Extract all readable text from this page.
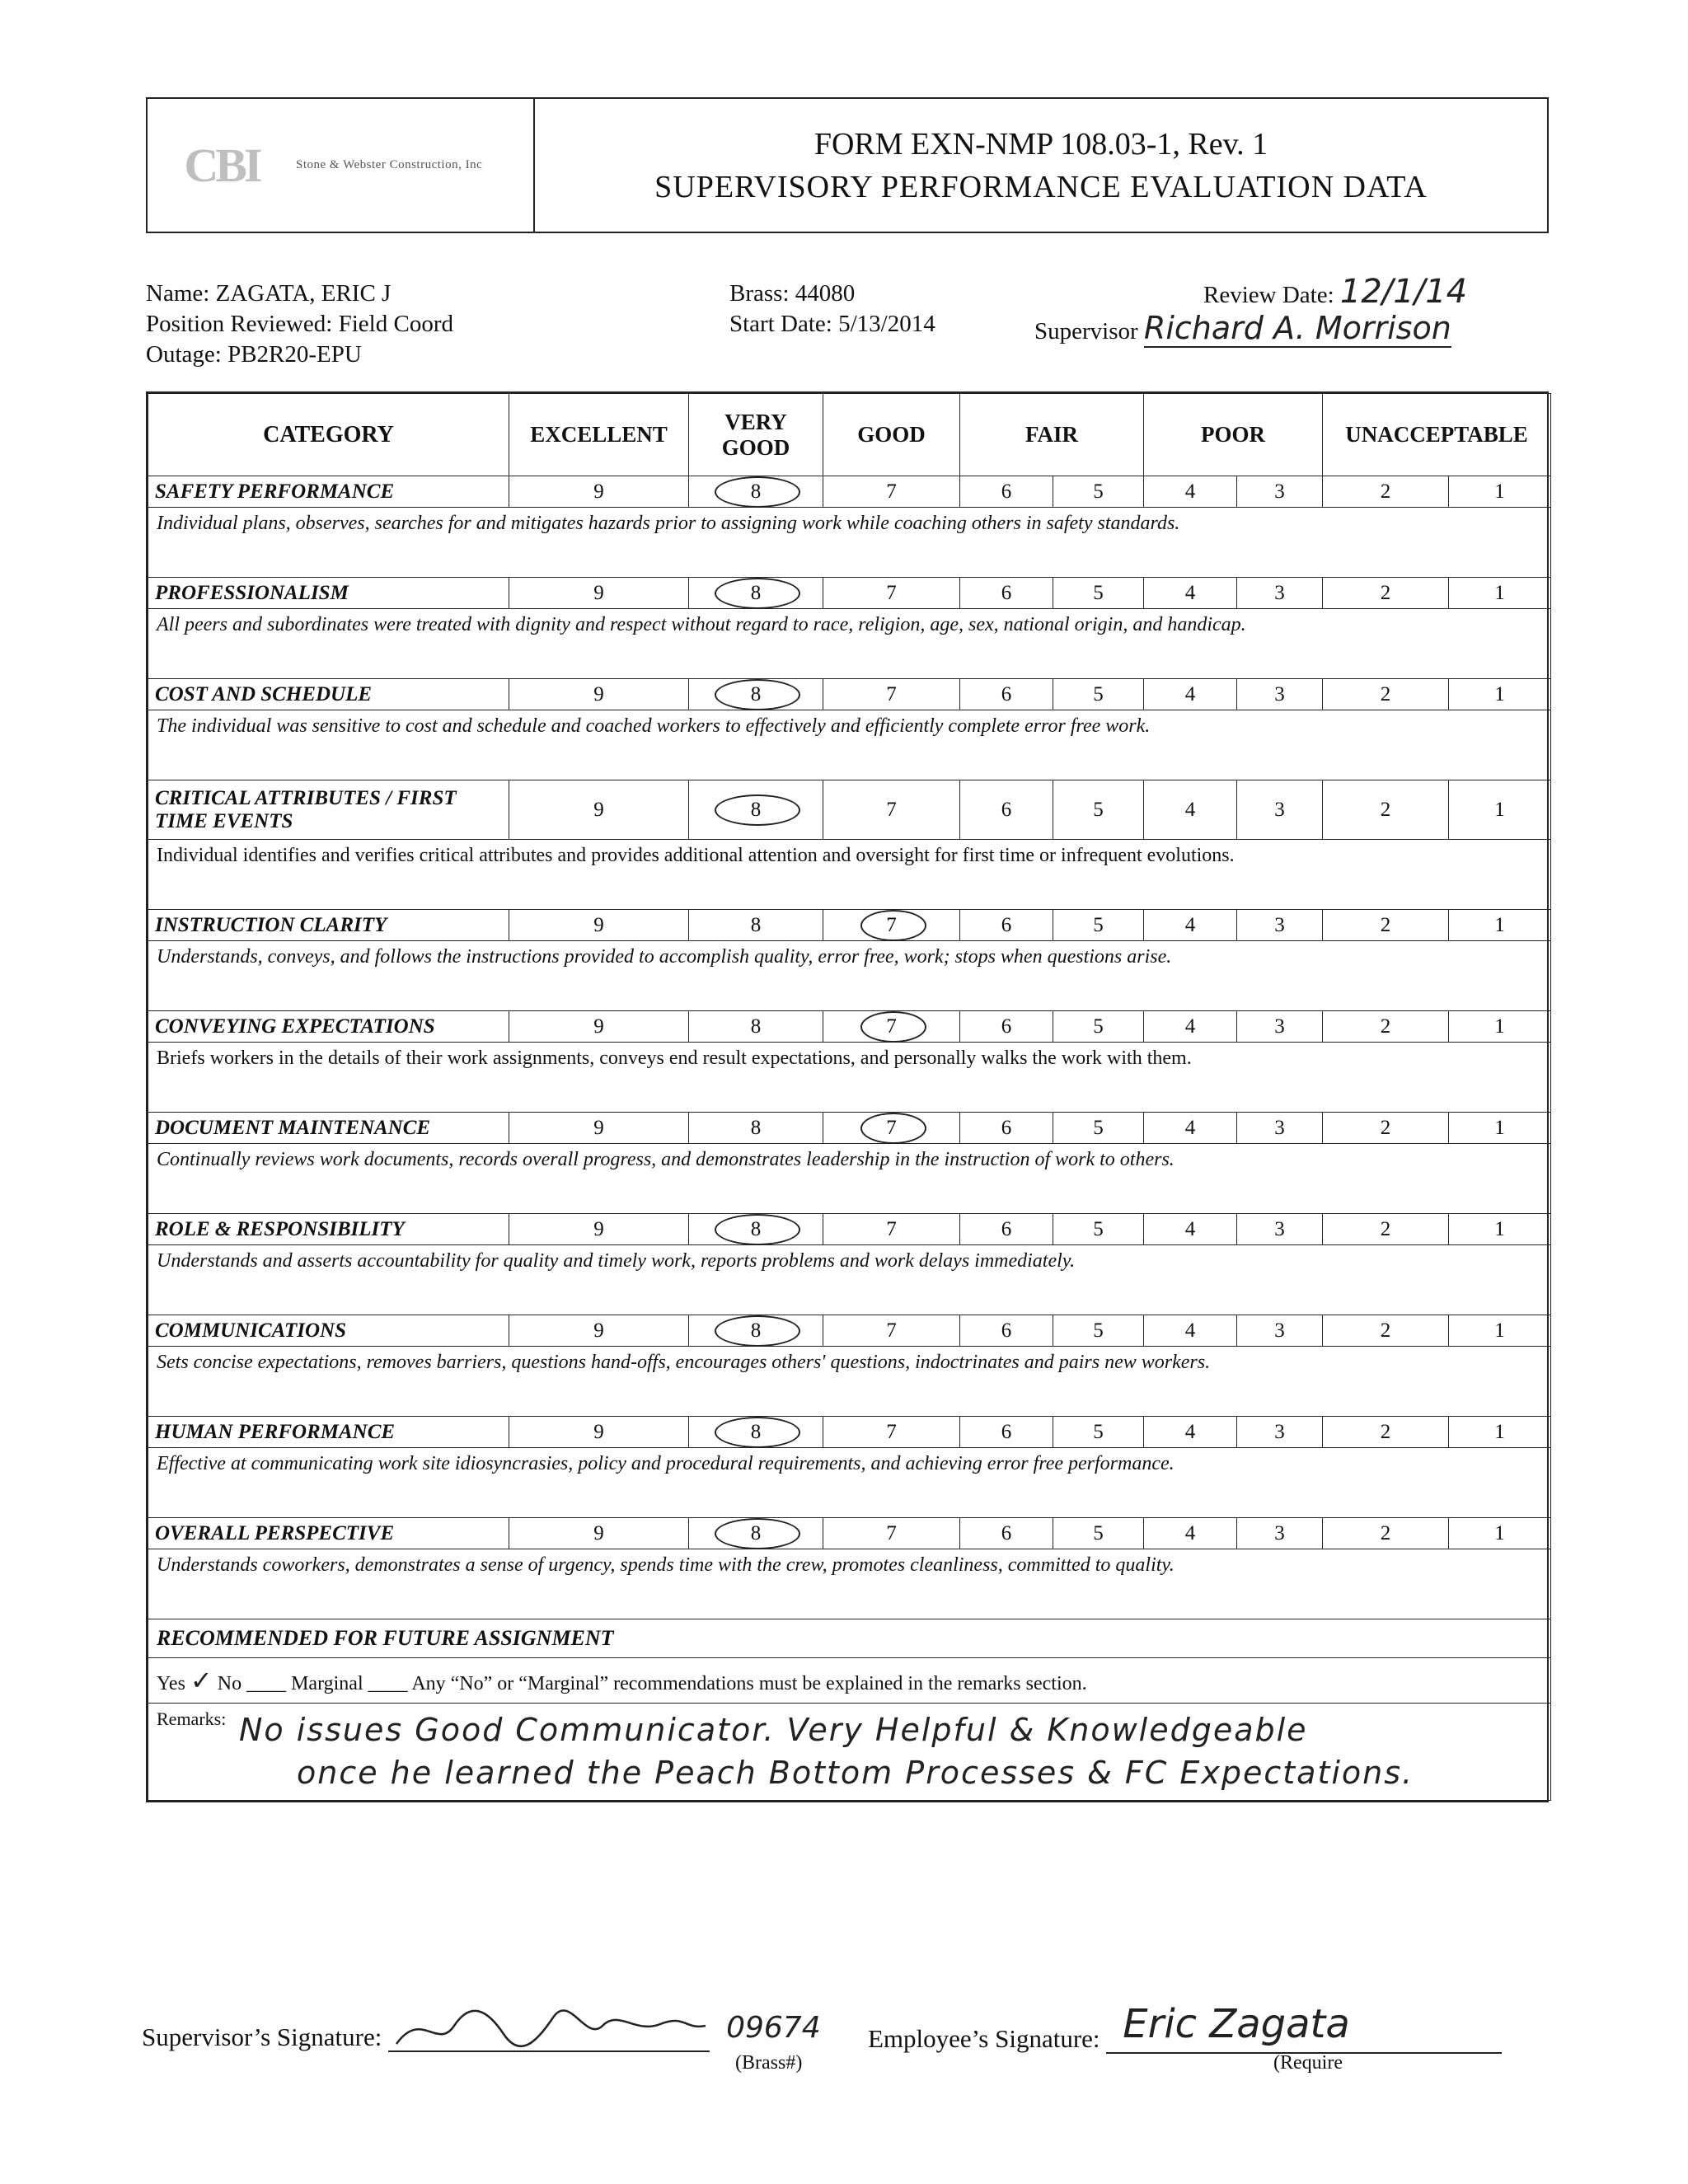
CBI	Stone & Webster Construction, Inc
FORM EXN-NMP 108.03-1, Rev. 1
SUPERVISORY PERFORMANCE EVALUATION DATA
Name: ZAGATA, ERIC J
Position Reviewed: Field Coord
Outage: PB2R20-EPU
Brass: 44080
Start Date: 5/13/2014
Review Date: 12/1/14
Supervisor Richard A. Morrison
CATEGORY	EXCELLENT	VERY GOOD	GOOD	FAIR		POOR		UNACCEPTABLE	
SAFETY PERFORMANCE	9	8	7	6	5	4	3	2	1
Individual plans, observes, searches for and mitigates hazards prior to assigning work while coaching others in safety standards.									
PROFESSIONALISM	9	8	7	6	5	4	3	2	1
All peers and subordinates were treated with dignity and respect without regard to race, religion, age, sex, national origin, and handicap.									
COST AND SCHEDULE	9	8	7	6	5	4	3	2	1
The individual was sensitive to cost and schedule and coached workers to effectively and efficiently complete error free work.									
CRITICAL ATTRIBUTES / FIRST TIME EVENTS	9	8	7	6	5	4	3	2	1
Individual identifies and verifies critical attributes and provides additional attention and oversight for first time or infrequent evolutions.									
INSTRUCTION CLARITY	9	8	7	6	5	4	3	2	1
Understands, conveys, and follows the instructions provided to accomplish quality, error free, work; stops when questions arise.									
CONVEYING EXPECTATIONS	9	8	7	6	5	4	3	2	1
Briefs workers in the details of their work assignments, conveys end result expectations, and personally walks the work with them.									
DOCUMENT MAINTENANCE	9	8	7	6	5	4	3	2	1
Continually reviews work documents, records overall progress, and demonstrates leadership in the instruction of work to others.									
ROLE & RESPONSIBILITY	9	8	7	6	5	4	3	2	1
Understands and asserts accountability for quality and timely work, reports problems and work delays immediately.									
COMMUNICATIONS	9	8	7	6	5	4	3	2	1
Sets concise expectations, removes barriers, questions hand-offs, encourages others' questions, indoctrinates and pairs new workers.									
HUMAN PERFORMANCE	9	8	7	6	5	4	3	2	1
Effective at communicating work site idiosyncrasies, policy and procedural requirements, and achieving error free performance.									
OVERALL PERSPECTIVE	9	8	7	6	5	4	3	2	1
Understands coworkers, demonstrates a sense of urgency, spends time with the crew, promotes cleanliness, committed to quality.									
RECOMMENDED FOR FUTURE ASSIGNMENT									
Yes ✓ No ____ Marginal ____ Any “No” or “Marginal” recommendations must be explained in the remarks section.									
Remarks: No issues Good Communicator. Very Helpful & Knowledgeable
once he learned the Peach Bottom Processes & FC Expectations.									
Supervisor’s Signature:	09674
(Brass#)
Employee’s Signature: Eric Zagata
(Require
